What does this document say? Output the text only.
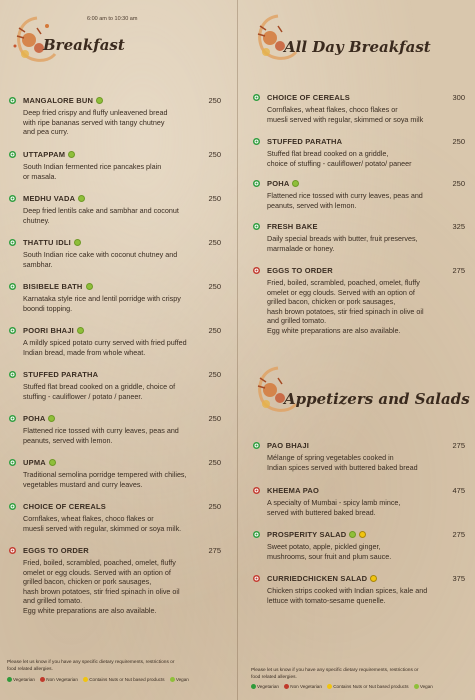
6:00 am to 10:30 am
Breakfast
MANGALORE BUN	250
Deep fried crispy and fluffy unleavened bread
with ripe bananas served with tangy chutney
and pea curry.
UTTAPPAM	250
South Indian fermented rice pancakes plain
or masala.
MEDHU VADA	250
Deep fried lentils cake and sambhar and coconut
chutney.
THATTU IDLI	250
South Indian rice cake with coconut chutney and
sambhar.
BISIBELE BATH	250
Karnataka style rice and lentil porridge with crispy
boondi topping.
POORI BHAJI	250
A mildly spiced potato curry served with fried puffed
Indian bread, made from whole wheat.
STUFFED PARATHA	250
Stuffed flat bread cooked on a griddle, choice of
stuffing - cauliflower / potato / paneer.
POHA	250
Flattened rice tossed with curry leaves, peas and
peanuts, served with lemon.
UPMA	250
Traditional semolina porridge tempered with chilies,
vegetables mustard and curry leaves.
CHOICE OF CEREALS	250
Cornflakes, wheat flakes, choco flakes or
muesli served with regular, skimmed or soya milk.
EGGS TO ORDER	275
Fried, boiled, scrambled, poached, omelet, fluffy
omelet or egg clouds. Served with an option of
grilled bacon, chicken or pork sausages,
hash brown potatoes, stir fried spinach in olive oil
and grilled tomato.
Egg white preparations are also available.
Please let us know if you have any specific dietary requirements, restrictions or
food related allergies.
Vegetarian Non Vegetarian Contains Nuts or Nut based products Vegan
All Day Breakfast
CHOICE OF CEREALS	300
Cornflakes, wheat flakes, choco flakes or
muesli served with regular, skimmed or soya milk
STUFFED PARATHA	250
Stuffed flat bread cooked on a griddle,
choice of stuffing - cauliflower/ potato/ paneer
POHA	250
Flattened rice tossed with curry leaves, peas and
peanuts, served with lemon.
FRESH BAKE	325
Daily special breads with butter, fruit preserves,
marmalade or honey.
EGGS TO ORDER	275
Fried, boiled, scrambled, poached, omelet, fluffy
omelet or egg clouds. Served with an option of
grilled bacon, chicken or pork sausages,
hash brown potatoes, stir fried spinach in olive oil
and grilled tomato.
Egg white preparations are also available.
Appetizers and Salads
PAO BHAJI	275
Mélange of spring vegetables cooked in
Indian spices served with buttered baked bread
KHEEMA PAO	475
A specialty of Mumbai - spicy lamb mince,
served with buttered baked bread.
PROSPERITY SALAD	275
Sweet potato, apple, pickled ginger,
mushrooms, sour fruit and plum sauce.
CURRIEDCHICKEN SALAD	375
Chicken strips cooked with Indian spices, kale and
lettuce with tomato-sesame quenelle.
Please let us know if you have any specific dietary requirements, restrictions or
food related allergies.
Vegetarian Non Vegetarian Contains Nuts or Nut based products Vegan
